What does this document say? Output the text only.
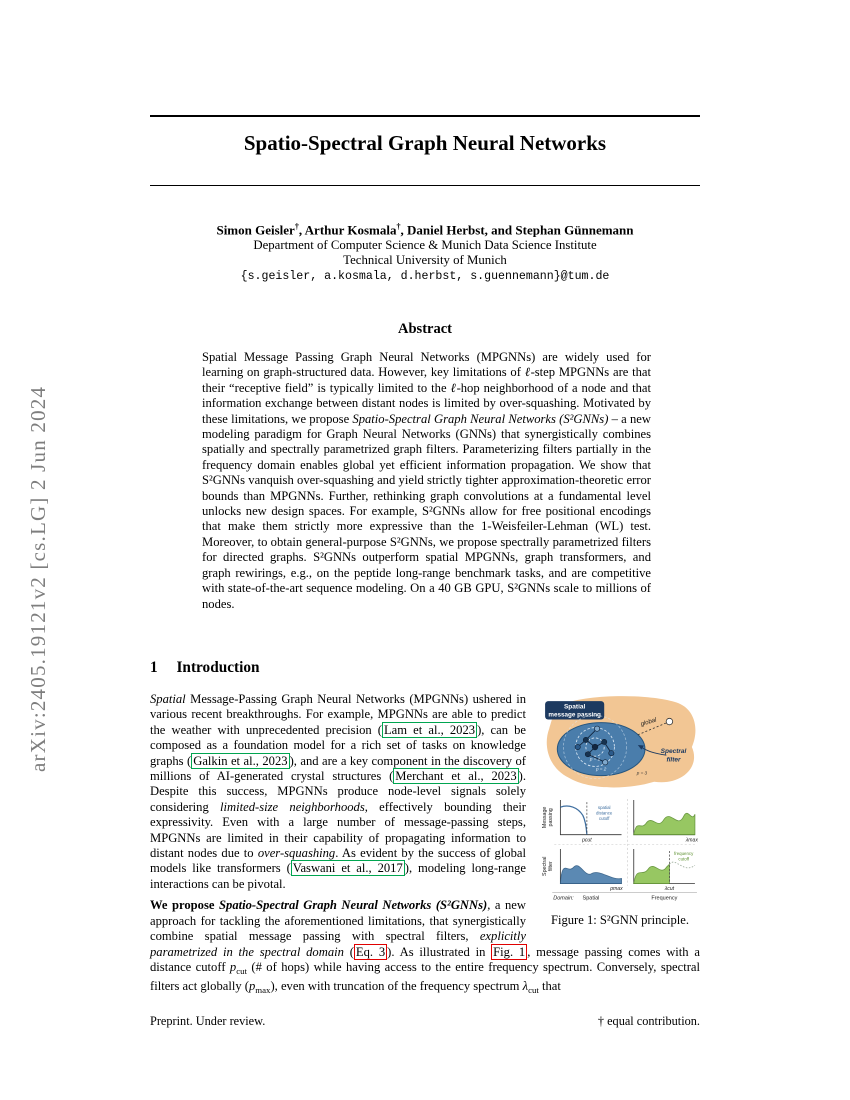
arXiv:2405.19121v2 [cs.LG] 2 Jun 2024
Spatio-Spectral Graph Neural Networks
Simon Geisler†, Arthur Kosmala†, Daniel Herbst, and Stephan Günnemann
Department of Computer Science & Munich Data Science Institute
Technical University of Munich
{s.geisler, a.kosmala, d.herbst, s.guennemann}@tum.de
Abstract
Spatial Message Passing Graph Neural Networks (MPGNNs) are widely used for learning on graph-structured data. However, key limitations of ℓ-step MPGNNs are that their “receptive field” is typically limited to the ℓ-hop neighborhood of a node and that information exchange between distant nodes is limited by over-squashing. Motivated by these limitations, we propose Spatio-Spectral Graph Neural Networks (S²GNNs) – a new modeling paradigm for Graph Neural Networks (GNNs) that synergistically combines spatially and spectrally parametrized graph filters. Parameterizing filters partially in the frequency domain enables global yet efficient information propagation. We show that S²GNNs vanquish over-squashing and yield strictly tighter approximation-theoretic error bounds than MPGNNs. Further, rethinking graph convolutions at a fundamental level unlocks new design spaces. For example, S²GNNs allow for free positional encodings that make them strictly more expressive than the 1-Weisfeiler-Lehman (WL) test. Moreover, to obtain general-purpose S²GNNs, we propose spectrally parametrized filters for directed graphs. S²GNNs outperform spatial MPGNNs, graph transformers, and graph rewirings, e.g., on the peptide long-range benchmark tasks, and are competitive with state-of-the-art sequence modeling. On a 40 GB GPU, S²GNNs scale to millions of nodes.
1 Introduction
Spatial
message passing
p = 1
p = 2
p = 3
global
Spectral
filter
Message passing
Spectral filter
pcut
spatial
distance
cutoff
λmax
pmax	λcut
frequency
cutoff
Domain: Spatial	Frequency
Figure 1: S²GNN principle.

Spatial Message-Passing Graph Neural Networks (MPGNNs) ushered in various recent breakthroughs. For example, MPGNNs are able to predict the weather with unprecedented precision ( Lam et al., 2023 ), can be composed as a foundation model for a rich set of tasks on knowledge graphs ( Galkin et al., 2023 ), and are a key component in the discovery of millions of AI-generated crystal structures ( Merchant et al., 2023 ). Despite this success, MPGNNs produce node-level signals solely considering limited-size neighborhoods, effectively bounding their expressivity. Even with a large number of message-passing steps, MPGNNs are limited in their capability of propagating information to distant nodes due to over-squashing. As evident by the success of global models like transformers ( Vaswani et al., 2017 ), modeling long-range interactions can be pivotal.

We propose Spatio-Spectral Graph Neural Networks (S²GNNs), a new approach for tackling the aforementioned limitations, that synergistically combine spatial message passing with spectral filters, explicitly parametrized in the spectral domain ( Eq. 3 ). As illustrated in Fig. 1 , message passing comes with a distance cutoff $p_{cut}$ (# of hops) while having access to the entire frequency spectrum. Conversely, spectral filters act globally $(p_{max})$, even with truncation of the frequency spectrum $\lambda_{cut}$ that

Preprint. Under review.	† equal contribution.
